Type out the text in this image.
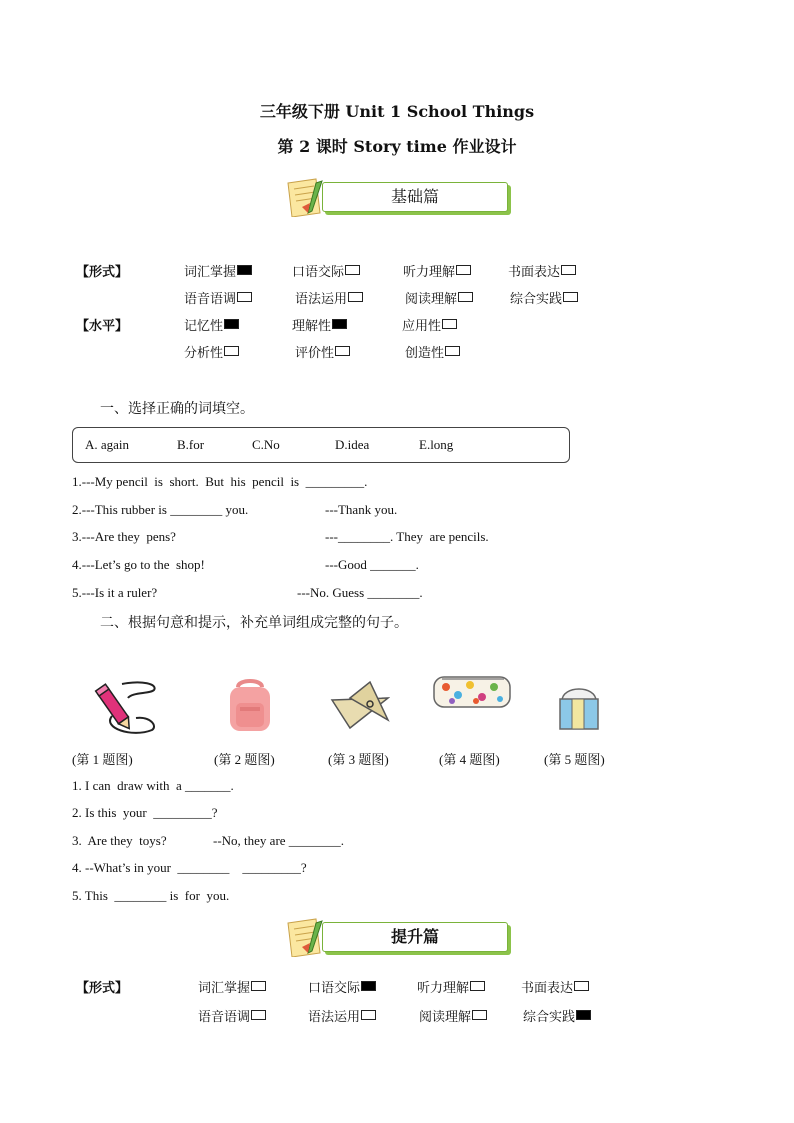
三年级下册 Unit 1 School Things
第 2 课时 Story time 作业设计
基础篇
【形式】	词汇掌握	口语交际	听力理解	书面表达
语音语调	语法运用	阅读理解	综合实践
【水平】	记忆性	理解性	应用性
分析性	评价性	创造性
一、选择正确的词填空。
A. again	B.for	C.No	D.idea	E.long
1.---My pencil  is  short.  But  his  pencil  is  _________.
2.---This rubber is ________ you.	---Thank you.
3.---Are they  pens?	---________. They  are pencils.
4.---Let’s go to the  shop!	---Good _______.
5.---Is it a ruler?	---No. Guess ________.
二、根据句意和提示，补充单词组成完整的句子。
(第 1 题图)	(第 2 题图)	(第 3 题图)	(第 4 题图)	(第 5 题图)
1. I can  draw with  a _______.
2. Is this  your  _________?
3.  Are they  toys?	--No, they are ________.
4. --What’s in your  ________    _________?
5. This  ________ is  for  you.
提升篇
【形式】	词汇掌握	口语交际	听力理解	书面表达
语音语调	语法运用	阅读理解	综合实践
